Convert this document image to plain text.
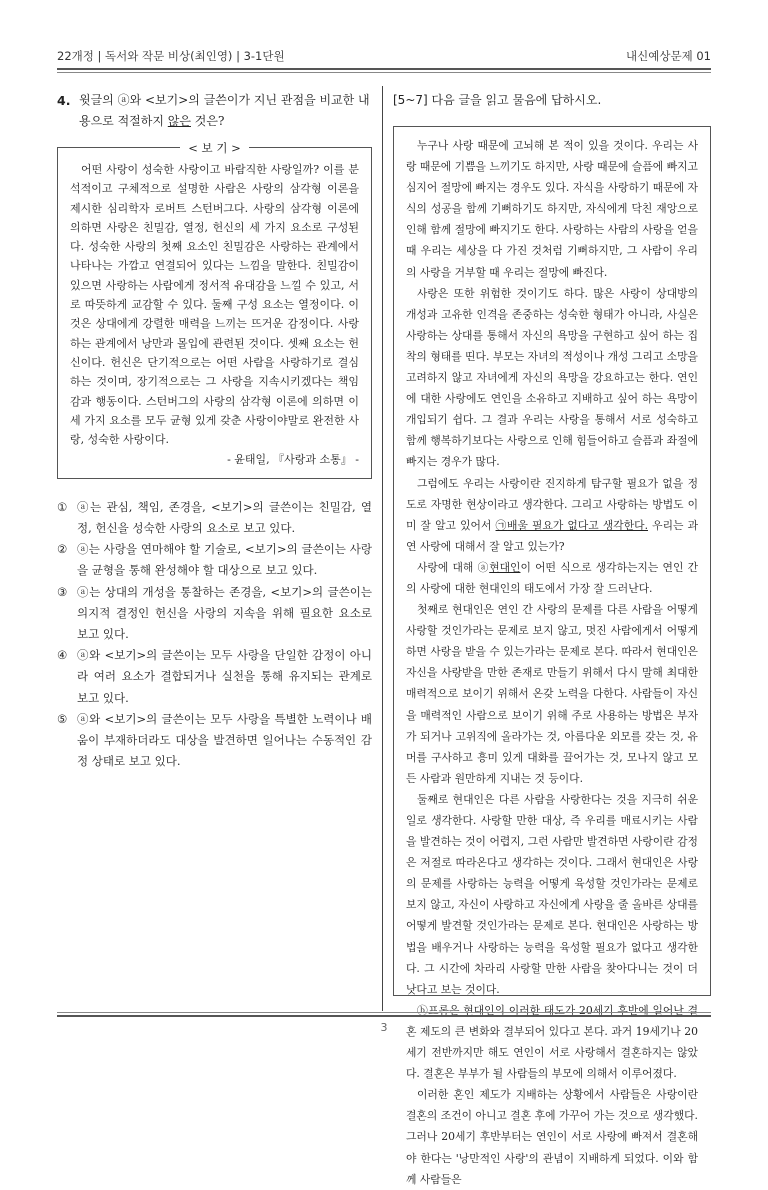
22개정 | 독서와 작문 비상(최인영) | 3-1단원	내신예상문제 01
4. 윗글의 ⓐ와 <보기>의 글쓴이가 지닌 관점을 비교한 내용으로 적절하지 않은 것은?
< 보 기 >

어떤 사랑이 성숙한 사랑이고 바람직한 사랑일까? 이를 분석적이고 구체적으로 설명한 사람은 사랑의 삼각형 이론을 제시한 심리학자 로버트 스턴버그다. 사랑의 삼각형 이론에 의하면 사랑은 친밀감, 열정, 헌신의 세 가지 요소로 구성된다. 성숙한 사랑의 첫째 요소인 친밀감은 사랑하는 관계에서 나타나는 가깝고 연결되어 있다는 느낌을 말한다. 친밀감이 있으면 사랑하는 사람에게 정서적 유대감을 느낄 수 있고, 서로 따뜻하게 교감할 수 있다. 둘째 구성 요소는 열정이다. 이것은 상대에게 강렬한 매력을 느끼는 뜨거운 감정이다. 사랑하는 관계에서 낭만과 몰입에 관련된 것이다. 셋째 요소는 헌신이다. 헌신은 단기적으로는 어떤 사람을 사랑하기로 결심하는 것이며, 장기적으로는 그 사랑을 지속시키겠다는 책임감과 행동이다. 스턴버그의 사랑의 삼각형 이론에 의하면 이 세 가지 요소를 모두 균형 있게 갖춘 사랑이야말로 완전한 사랑, 성숙한 사랑이다.

- 윤태일, 『사랑과 소통』 -
① ⓐ는 관심, 책임, 존경을, <보기>의 글쓴이는 친밀감, 열정, 헌신을 성숙한 사랑의 요소로 보고 있다.
② ⓐ는 사랑을 연마해야 할 기술로, <보기>의 글쓴이는 사랑을 균형을 통해 완성해야 할 대상으로 보고 있다.
③ ⓐ는 상대의 개성을 통찰하는 존경을, <보기>의 글쓴이는 의지적 결정인 헌신을 사랑의 지속을 위해 필요한 요소로 보고 있다.
④ ⓐ와 <보기>의 글쓴이는 모두 사랑을 단일한 감정이 아니라 여러 요소가 결합되거나 실천을 통해 유지되는 관계로 보고 있다.
⑤ ⓐ와 <보기>의 글쓴이는 모두 사랑을 특별한 노력이나 배움이 부재하더라도 대상을 발견하면 일어나는 수동적인 감정 상태로 보고 있다.
[5~7] 다음 글을 읽고 물음에 답하시오.

누구나 사랑 때문에 고뇌해 본 적이 있을 것이다. 우리는 사랑 때문에 기쁨을 느끼기도 하지만, 사랑 때문에 슬픔에 빠지고 심지어 절망에 빠지는 경우도 있다. 자식을 사랑하기 때문에 자식의 성공을 함께 기뻐하기도 하지만, 자식에게 닥친 재앙으로 인해 함께 절망에 빠지기도 한다. 사랑하는 사람의 사랑을 얻을 때 우리는 세상을 다 가진 것처럼 기뻐하지만, 그 사람이 우리의 사랑을 거부할 때 우리는 절망에 빠진다.

사랑은 또한 위험한 것이기도 하다. 많은 사랑이 상대방의 개성과 고유한 인격을 존중하는 성숙한 형태가 아니라, 사실은 사랑하는 상대를 통해서 자신의 욕망을 구현하고 싶어 하는 집착의 형태를 띤다. 부모는 자녀의 적성이나 개성 그리고 소망을 고려하지 않고 자녀에게 자신의 욕망을 강요하고는 한다. 연인에 대한 사랑에도 연인을 소유하고 지배하고 싶어 하는 욕망이 개입되기 쉽다. 그 결과 우리는 사랑을 통해서 서로 성숙하고 함께 행복하기보다는 사랑으로 인해 힘들어하고 슬픔과 좌절에 빠지는 경우가 많다.

그럼에도 우리는 사랑이란 진지하게 탐구할 필요가 없을 정도로 자명한 현상이라고 생각한다. 그리고 사랑하는 방법도 이미 잘 알고 있어서 ㉠배울 필요가 없다고 생각한다. 우리는 과연 사랑에 대해서 잘 알고 있는가?

사랑에 대해 ⓐ현대인이 어떤 식으로 생각하는지는 연인 간의 사랑에 대한 현대인의 태도에서 가장 잘 드러난다.

첫째로 현대인은 연인 간 사랑의 문제를 다른 사람을 어떻게 사랑할 것인가라는 문제로 보지 않고, 멋진 사람에게서 어떻게 하면 사랑을 받을 수 있는가라는 문제로 본다. 따라서 현대인은 자신을 사랑받을 만한 존재로 만들기 위해서 다시 말해 최대한 매력적으로 보이기 위해서 온갖 노력을 다한다. 사람들이 자신을 매력적인 사람으로 보이기 위해 주로 사용하는 방법은 부자가 되거나 고위직에 올라가는 것, 아름다운 외모를 갖는 것, 유머를 구사하고 흥미 있게 대화를 끌어가는 것, 모나지 않고 모든 사람과 원만하게 지내는 것 등이다.

둘째로 현대인은 다른 사람을 사랑한다는 것을 지극히 쉬운 일로 생각한다. 사랑할 만한 대상, 즉 우리를 매료시키는 사람을 발견하는 것이 어렵지, 그런 사람만 발견하면 사랑이란 감정은 저절로 따라온다고 생각하는 것이다. 그래서 현대인은 사랑의 문제를 사랑하는 능력을 어떻게 육성할 것인가라는 문제로 보지 않고, 자신이 사랑하고 자신에게 사랑을 줄 올바른 상대를 어떻게 발견할 것인가라는 문제로 본다. 현대인은 사랑하는 방법을 배우거나 사랑하는 능력을 육성할 필요가 없다고 생각한다. 그 시간에 차라리 사랑할 만한 사람을 찾아다니는 것이 더 낫다고 보는 것이다.

ⓑ프롬은 현대인의 이러한 태도가 20세기 후반에 일어난 결혼 제도의 큰 변화와 결부되어 있다고 본다. 과거 19세기나 20세기 전반까지만 해도 연인이 서로 사랑해서 결혼하지는 않았다. 결혼은 부부가 될 사람들의 부모에 의해서 이루어졌다.

이러한 혼인 제도가 지배하는 상황에서 사람들은 사랑이란 결혼의 조건이 아니고 결혼 후에 가꾸어 가는 것으로 생각했다. 그러나 20세기 후반부터는 연인이 서로 사랑에 빠져서 결혼해야 한다는 '낭만적인 사랑'의 관념이 지배하게 되었다. 이와 함께 사람들은

3
